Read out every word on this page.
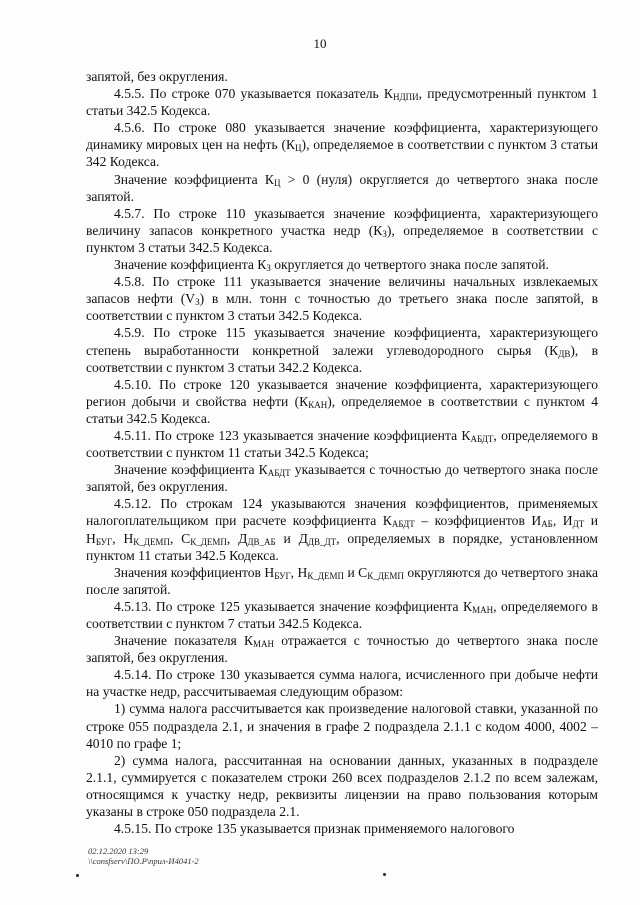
10

запятой, без округления.

4.5.5. По строке 070 указывается показатель $К_{НДПИ}$, предусмотренный пунктом 1 статьи 342.5 Кодекса.

4.5.6. По строке 080 указывается значение коэффициента, характеризующего динамику мировых цен на нефть $(К_Ц)$, определяемое в соответствии с пунктом 3 статьи 342 Кодекса.

Значение коэффициента $К_Ц > 0$ (нуля) округляется до четвертого знака после запятой.

4.5.7. По строке 110 указывается значение коэффициента, характеризующего величину запасов конкретного участка недр $(К_З)$, определяемое в соответствии с пунктом 3 статьи 342.5 Кодекса.

Значение коэффициента $К_З$ округляется до четвертого знака после запятой.

4.5.8. По строке 111 указывается значение величины начальных извлекаемых запасов нефти $(V_З)$ в млн. тонн с точностью до третьего знака после запятой, в соответствии с пунктом 3 статьи 342.5 Кодекса.

4.5.9. По строке 115 указывается значение коэффициента, характеризующего степень выработанности конкретной залежи углеводородного сырья $(К_{ДВ})$, в соответствии с пунктом 3 статьи 342.2 Кодекса.

4.5.10. По строке 120 указывается значение коэффициента, характеризующего регион добычи и свойства нефти $(К_{КАН})$, определяемое в соответствии с пунктом 4 статьи 342.5 Кодекса.

4.5.11. По строке 123 указывается значение коэффициента $К_{АБДТ}$, определяемого в соответствии с пунктом 11 статьи 342.5 Кодекса;

Значение коэффициента $К_{АБДТ}$ указывается с точностью до четвертого знака после запятой, без округления.

4.5.12. По строкам 124 указываются значения коэффициентов, применяемых налогоплательщиком при расчете коэффициента $К_{АБДТ}$ – коэффициентов $И_{АБ}$, $И_{ДТ}$ и $Н_{БУГ}$, $Н_{К\_ДЕМП}$, $С_{К\_ДЕМП}$, $Д_{ДВ\_АБ}$ и $Д_{ДВ\_ДТ}$, определяемых в порядке, установленном пунктом 11 статьи 342.5 Кодекса.

Значения коэффициентов $Н_{БУГ}$, $Н_{К\_ДЕМП}$ и $С_{К\_ДЕМП}$ округляются до четвертого знака после запятой.

4.5.13. По строке 125 указывается значение коэффициента $К_{МАН}$, определяемого в соответствии с пунктом 7 статьи 342.5 Кодекса.

Значение показателя $К_{МАН}$ отражается с точностью до четвертого знака после запятой, без округления.

4.5.14. По строке 130 указывается сумма налога, исчисленного при добыче нефти на участке недр, рассчитываемая следующим образом:

1) сумма налога рассчитывается как произведение налоговой ставки, указанной по строке 055 подраздела 2.1, и значения в графе 2 подраздела 2.1.1 с кодом 4000, 4002 – 4010 по графе 1;

2) сумма налога, рассчитанная на основании данных, указанных в подразделе 2.1.1, суммируется с показателем строки 260 всех подразделов 2.1.2 по всем залежам, относящимся к участку недр, реквизиты лицензии на право пользования которым указаны в строке 050 подраздела 2.1.

4.5.15. По строке 135 указывается признак применяемого налогового

02.12.2020 13:29
\\consfserv\ПО.Р\прил-И4041-2
